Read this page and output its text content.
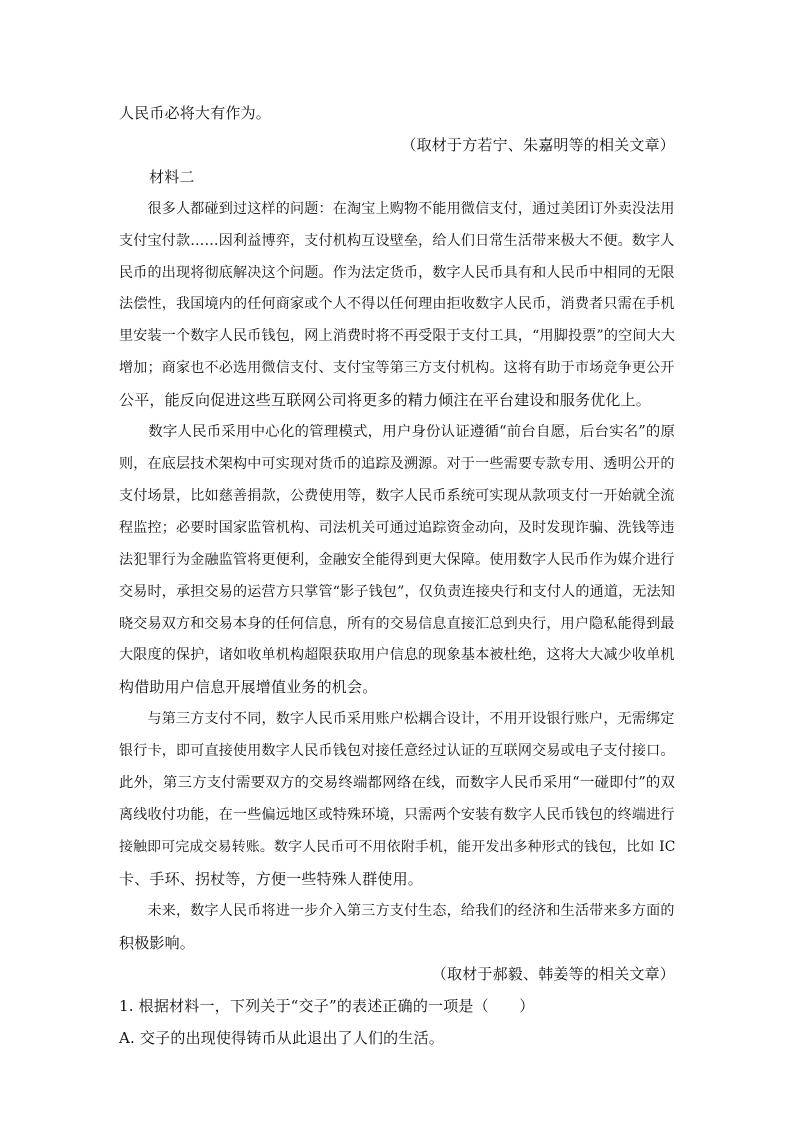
人民币必将大有作为。
（取材于方若宁、朱嘉明等的相关文章）
材料二
　　很多人都碰到过这样的问题：在淘宝上购物不能用微信支付，通过美团订外卖没法用
支付宝付款……因利益博弈，支付机构互设壁垒，给人们日常生活带来极大不便。数字人
民币的出现将彻底解决这个问题。作为法定货币，数字人民币具有和人民币中相同的无限
法偿性，我国境内的任何商家或个人不得以任何理由拒收数字人民币，消费者只需在手机
里安装一个数字人民币钱包，网上消费时将不再受限于支付工具，“用脚投票”的空间大大
增加；商家也不必选用微信支付、支付宝等第三方支付机构。这将有助于市场竞争更公开
公平，能反向促进这些互联网公司将更多的精力倾注在平台建设和服务优化上。
　　数字人民币采用中心化的管理模式，用户身份认证遵循“前台自愿，后台实名”的原
则，在底层技术架构中可实现对货币的追踪及溯源。对于一些需要专款专用、透明公开的
支付场景，比如慈善捐款，公费使用等，数字人民币系统可实现从款项支付一开始就全流
程监控；必要时国家监管机构、司法机关可通过追踪资金动向，及时发现诈骗、洗钱等违
法犯罪行为金融监管将更便利，金融安全能得到更大保障。使用数字人民币作为媒介进行
交易时，承担交易的运营方只掌管“影子钱包”，仅负责连接央行和支付人的通道，无法知
晓交易双方和交易本身的任何信息，所有的交易信息直接汇总到央行，用户隐私能得到最
大限度的保护，诸如收单机构超限获取用户信息的现象基本被杜绝，这将大大减少收单机
构借助用户信息开展增值业务的机会。
　　与第三方支付不同，数字人民币采用账户松耦合设计，不用开设银行账户，无需绑定
银行卡，即可直接使用数字人民币钱包对接任意经过认证的互联网交易或电子支付接口。
此外，第三方支付需要双方的交易终端都网络在线，而数字人民币采用“一碰即付”的双
离线收付功能，在一些偏远地区或特殊环境，只需两个安装有数字人民币钱包的终端进行
接触即可完成交易转账。数字人民币可不用依附手机，能开发出多种形式的钱包，比如 IC
卡、手环、拐杖等，方便一些特殊人群使用。
　　未来，数字人民币将进一步介入第三方支付生态，给我们的经济和生活带来多方面的
积极影响。
（取材于郝毅、韩姜等的相关文章）
1. 根据材料一，下列关于“交子”的表述正确的一项是（　　）
A. 交子的出现使得铸币从此退出了人们的生活。
